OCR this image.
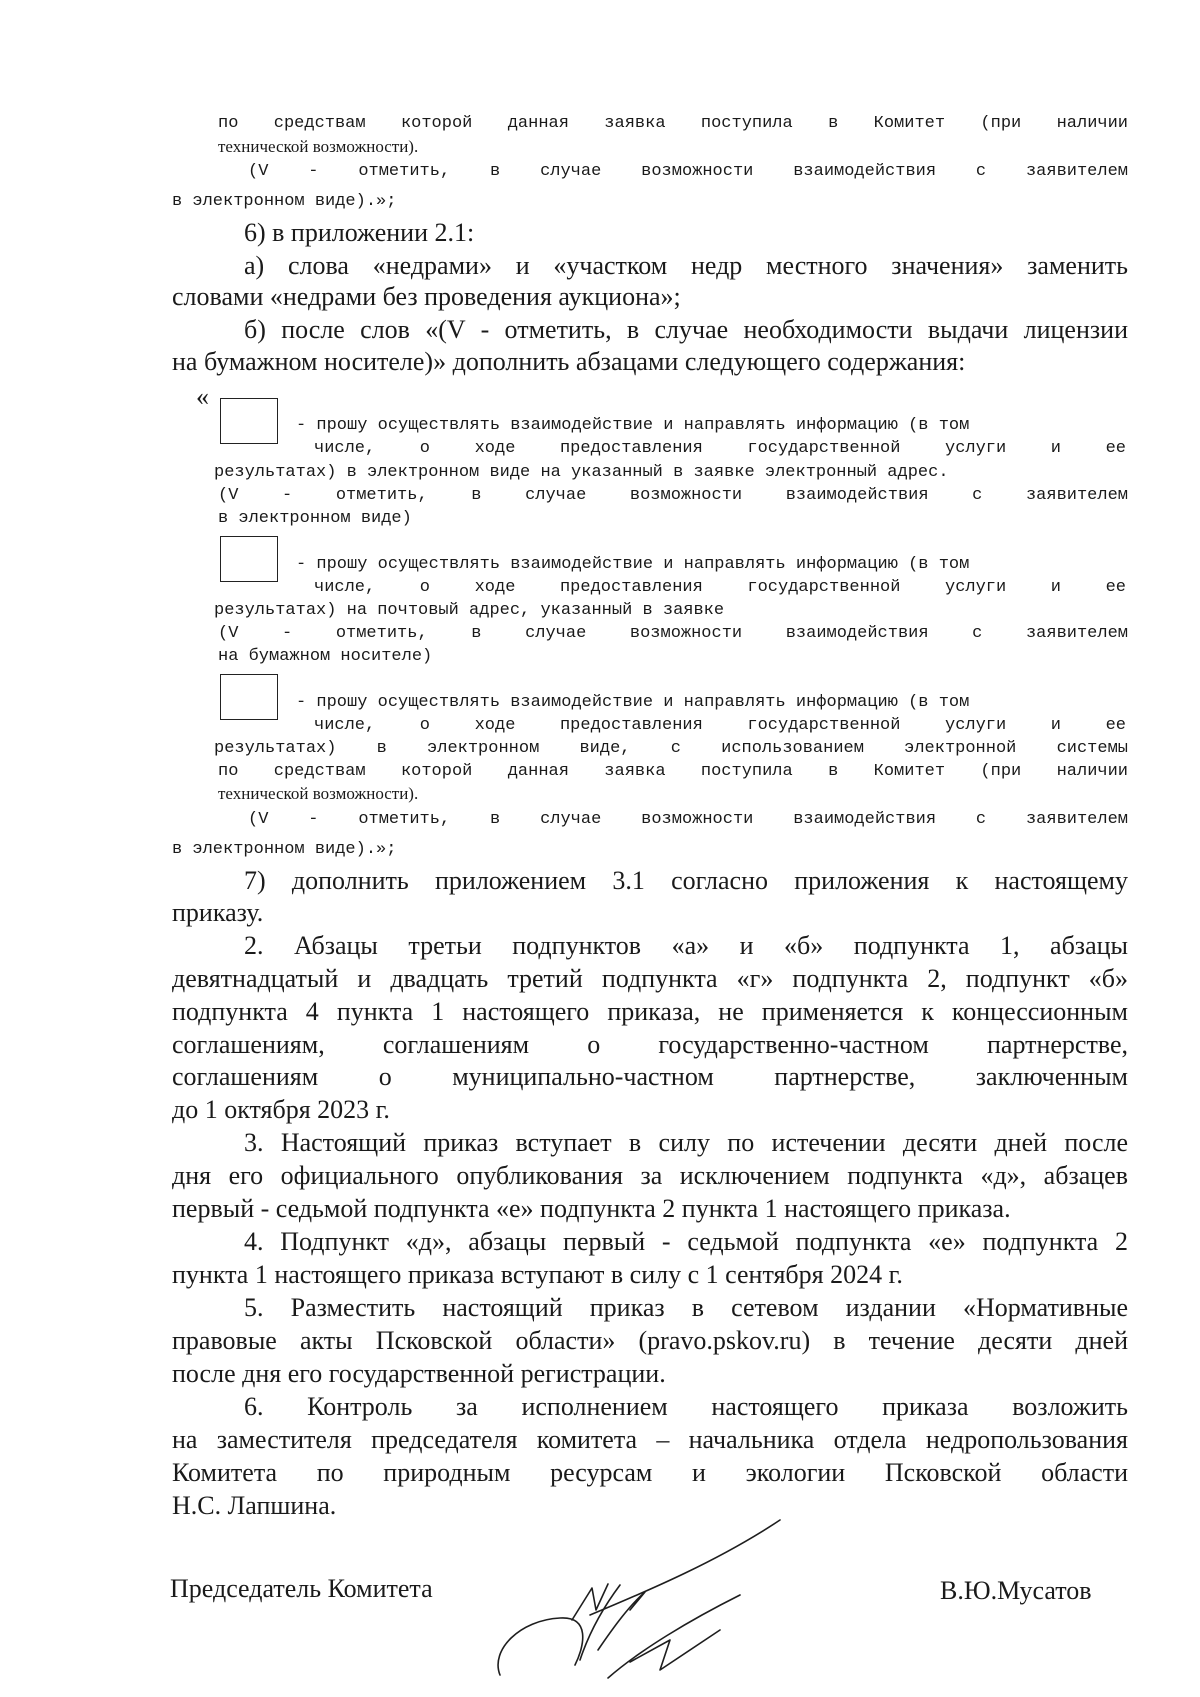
по средствам которой данная заявка поступила в Комитет (при наличии
технической возможности).
(V - отметить, в случае возможности взаимодействия с заявителем
в электронном виде).»;
6) в приложении 2.1:
а) слова «недрами» и «участком недр местного значения» заменить
словами «недрами без проведения аукциона»;
б) после слов «(V - отметить, в случае необходимости выдачи лицензии
на бумажном носителе)» дополнить абзацами следующего содержания:
«
- прошу осуществлять взаимодействие и направлять информацию (в том
числе, о ходе предоставления государственной услуги и ее
результатах) в электронном виде на указанный в заявке электронный адрес.
(V - отметить, в случае возможности взаимодействия с заявителем
в электронном виде)
- прошу осуществлять взаимодействие и направлять информацию (в том
числе, о ходе предоставления государственной услуги и ее
результатах) на почтовый адрес, указанный в заявке
(V - отметить, в случае возможности взаимодействия с заявителем
на бумажном носителе)
- прошу осуществлять взаимодействие и направлять информацию (в том
числе, о ходе предоставления государственной услуги и ее
результатах) в электронном виде, с использованием электронной системы
по средствам которой данная заявка поступила в Комитет (при наличии
технической возможности).
(V - отметить, в случае возможности взаимодействия с заявителем
в электронном виде).»;
7) дополнить приложением 3.1 согласно приложения к настоящему
приказу.
2. Абзацы третьи подпунктов «а» и «б» подпункта 1, абзацы
девятнадцатый и двадцать третий подпункта «г» подпункта 2, подпункт «б»
подпункта 4 пункта 1 настоящего приказа, не применяется к концессионным
соглашениям, соглашениям о государственно-частном партнерстве,
соглашениям о муниципально-частном партнерстве, заключенным
до 1 октября 2023 г.
3. Настоящий приказ вступает в силу по истечении десяти дней после
дня его официального опубликования за исключением подпункта «д», абзацев
первый - седьмой подпункта «е» подпункта 2 пункта 1 настоящего приказа.
4. Подпункт «д», абзацы первый - седьмой подпункта «е» подпункта 2
пункта 1 настоящего приказа вступают в силу с 1 сентября 2024 г.
5. Разместить настоящий приказ в сетевом издании «Нормативные
правовые акты Псковской области» (pravo.pskov.ru) в течение десяти дней
после дня его государственной регистрации.
6. Контроль за исполнением настоящего приказа возложить
на заместителя председателя комитета – начальника отдела недропользования
Комитета по природным ресурсам и экологии Псковской области
Н.С. Лапшина.
Председатель Комитета	В.Ю.Мусатов
